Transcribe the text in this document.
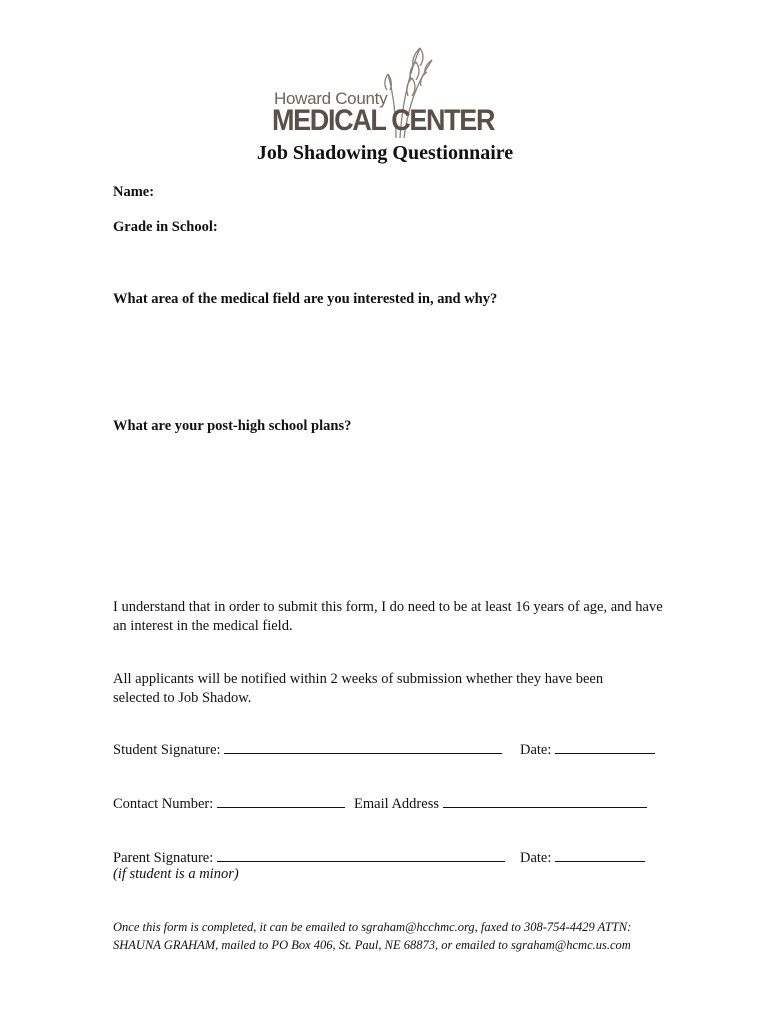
Howard County
MEDICAL CENTER
Job Shadowing Questionnaire
Name:
Grade in School:
What area of the medical field are you interested in, and why?
What are your post-high school plans?
I understand that in order to submit this form, I do need to be at least 16 years of age, and have an interest in the medical field.
All applicants will be notified within 2 weeks of submission whether they have been selected to Job Shadow.
Student Signature:	Date:
Contact Number:	Email Address
Parent Signature:	Date:
(if student is a minor)
Once this form is completed, it can be emailed to sgraham@hcchmc.org, faxed to 308-754-4429 ATTN: SHAUNA GRAHAM, mailed to PO Box 406, St. Paul, NE 68873, or emailed to sgraham@hcmc.us.com
